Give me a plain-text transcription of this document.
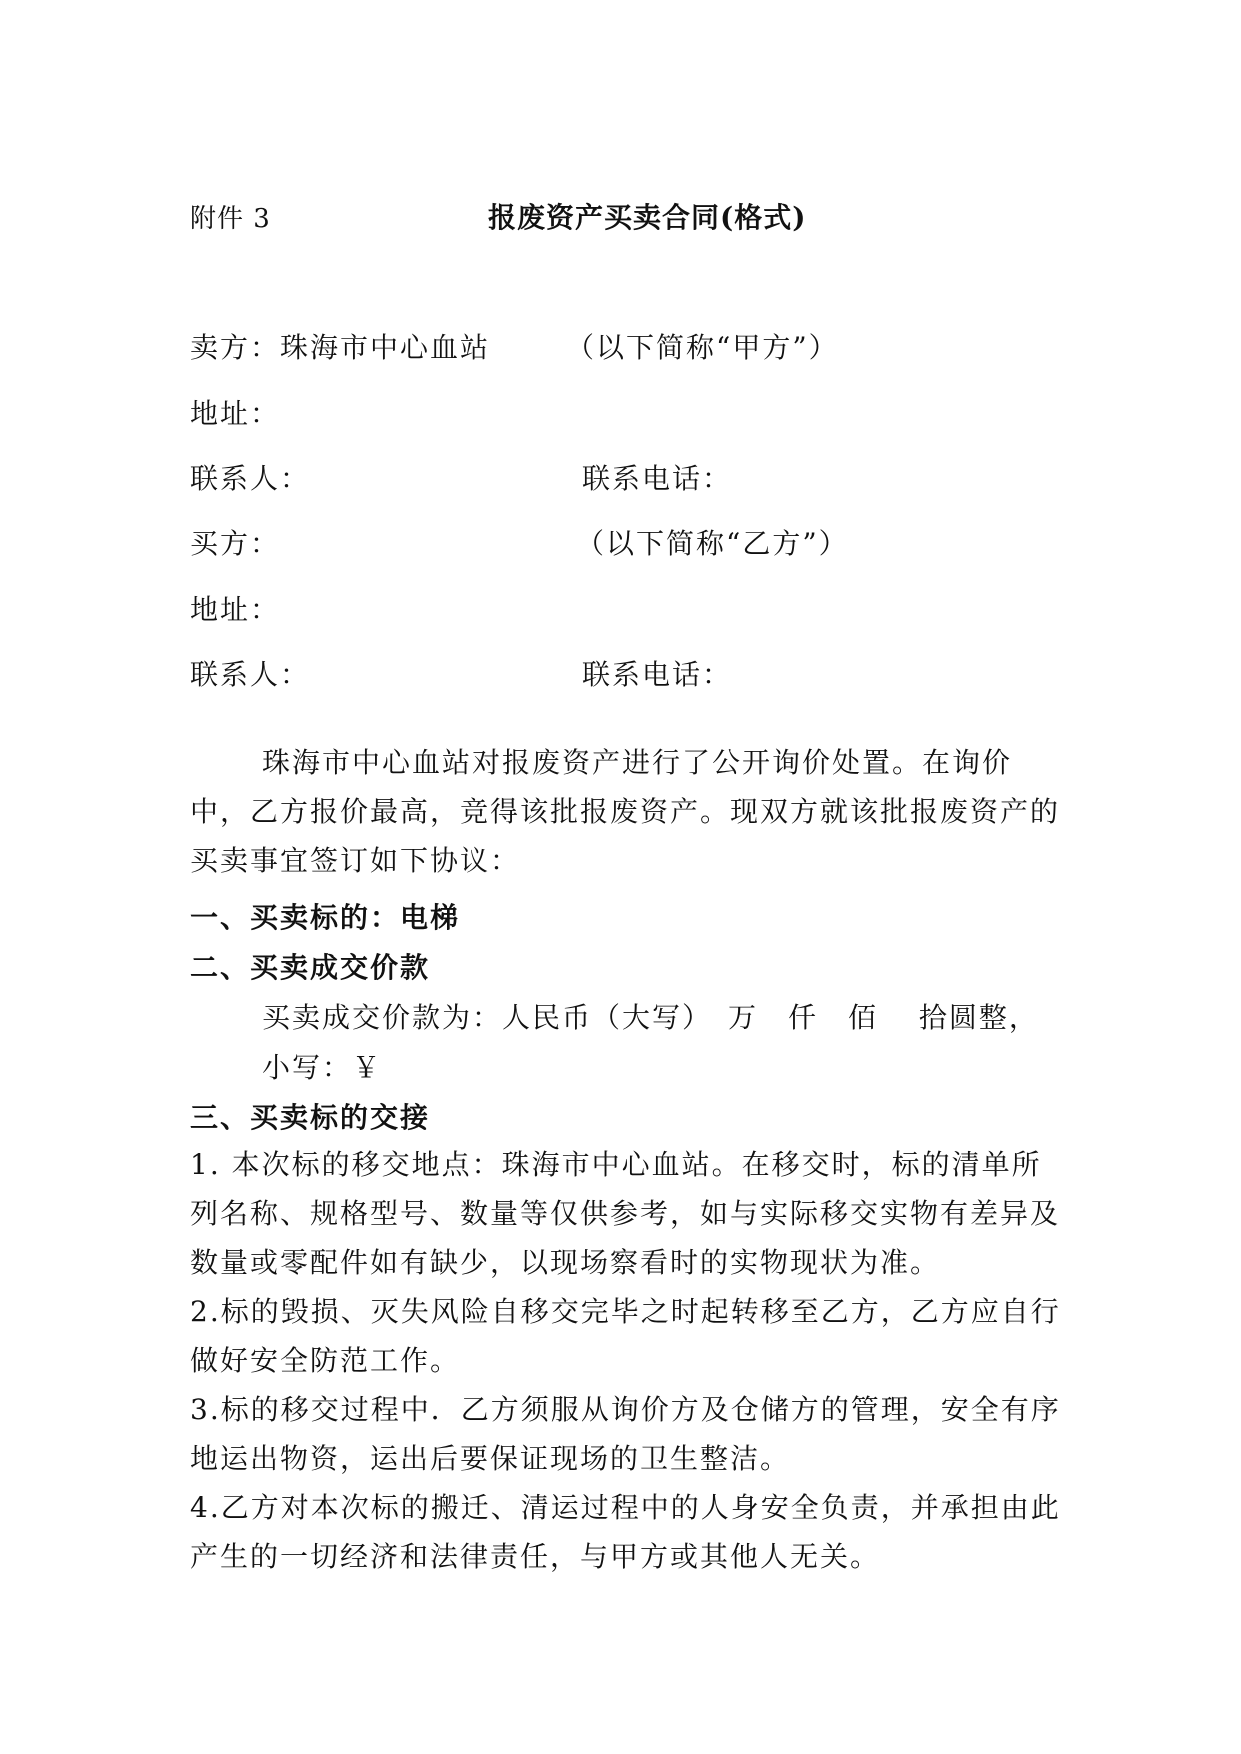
附件 3	报废资产买卖合同(格式)
卖方：珠海市中心血站	（以下简称“甲方”）
地址：
联系人：	联系电话：
买方：	（以下简称“乙方”）
地址：
联系人：	联系电话：
珠海市中心血站对报废资产进行了公开询价处置。在询价中，乙方报价最高，竞得该批报废资产。现双方就该批报废资产的买卖事宜签订如下协议：
一、买卖标的：电梯
二、买卖成交价款
买卖成交价款为：人民币（大写）　万　仟　佰　 拾圆整，
小写：￥
三、买卖标的交接
1. 本次标的移交地点：珠海市中心血站。在移交时，标的清单所列名称、规格型号、数量等仅供参考，如与实际移交实物有差异及数量或零配件如有缺少，以现场察看时的实物现状为准。
2.标的毁损、灭失风险自移交完毕之时起转移至乙方，乙方应自行做好安全防范工作。
3.标的移交过程中．乙方须服从询价方及仓储方的管理，安全有序地运出物资，运出后要保证现场的卫生整洁。
4.乙方对本次标的搬迁、清运过程中的人身安全负责，并承担由此产生的一切经济和法律责任，与甲方或其他人无关。
